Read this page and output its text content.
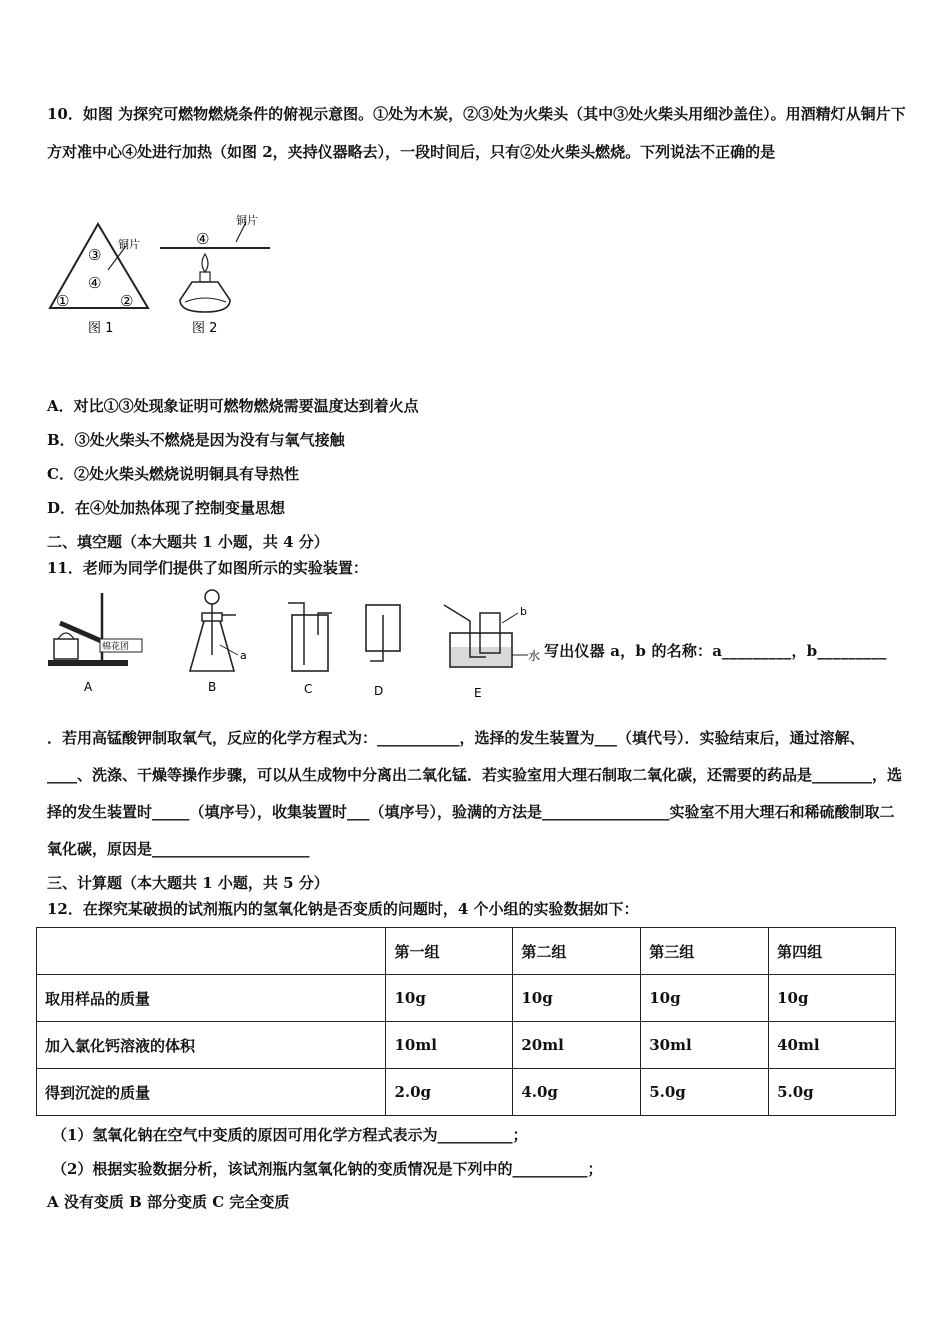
10．如图 为探究可燃物燃烧条件的俯视示意图。①处为木炭，②③处为火柴头（其中③处火柴头用细沙盖住）。用酒精灯从铜片下方对准中心④处进行加热（如图 2，夹持仪器略去），一段时间后，只有②处火柴头燃烧。下列说法不正确的是
③
④
①	②
铜片
图 1
④
铜片
图 2
A．对比①③处现象证明可燃物燃烧需要温度达到着火点
B．③处火柴头不燃烧是因为没有与氧气接触
C．②处火柴头燃烧说明铜具有导热性
D．在④处加热体现了控制变量思想
二、填空题（本大题共 1 小题，共 4 分）
11．老师为同学们提供了如图所示的实验装置：
棉花团
A
a
B	C	D
b
水
E
写出仪器 a，b 的名称：a_________，b_________
．若用高锰酸钾制取氧气，反应的化学方程式为：___________，选择的发生装置为___（填代号）．实验结束后，通过溶解、____、洗涤、干燥等操作步骤，可以从生成物中分离出二氧化锰．若实验室用大理石制取二氧化碳，还需要的药品是________，选择的发生装置时_____（填序号），收集装置时___（填序号），验满的方法是_________________实验室不用大理石和稀硫酸制取二氧化碳，原因是_____________________
三、计算题（本大题共 1 小题，共 5 分）
12．在探究某破损的试剂瓶内的氢氧化钠是否变质的问题时，4 个小组的实验数据如下：
	第一组	第二组	第三组	第四组
取用样品的质量	10g	10g	10g	10g
加入氯化钙溶液的体积	10ml	20ml	30ml	40ml
得到沉淀的质量	2.0g	4.0g	5.0g	5.0g
（1）氢氧化钠在空气中变质的原因可用化学方程式表示为__________；
（2）根据实验数据分析，该试剂瓶内氢氧化钠的变质情况是下列中的__________；
A 没有变质 B 部分变质 C 完全变质
